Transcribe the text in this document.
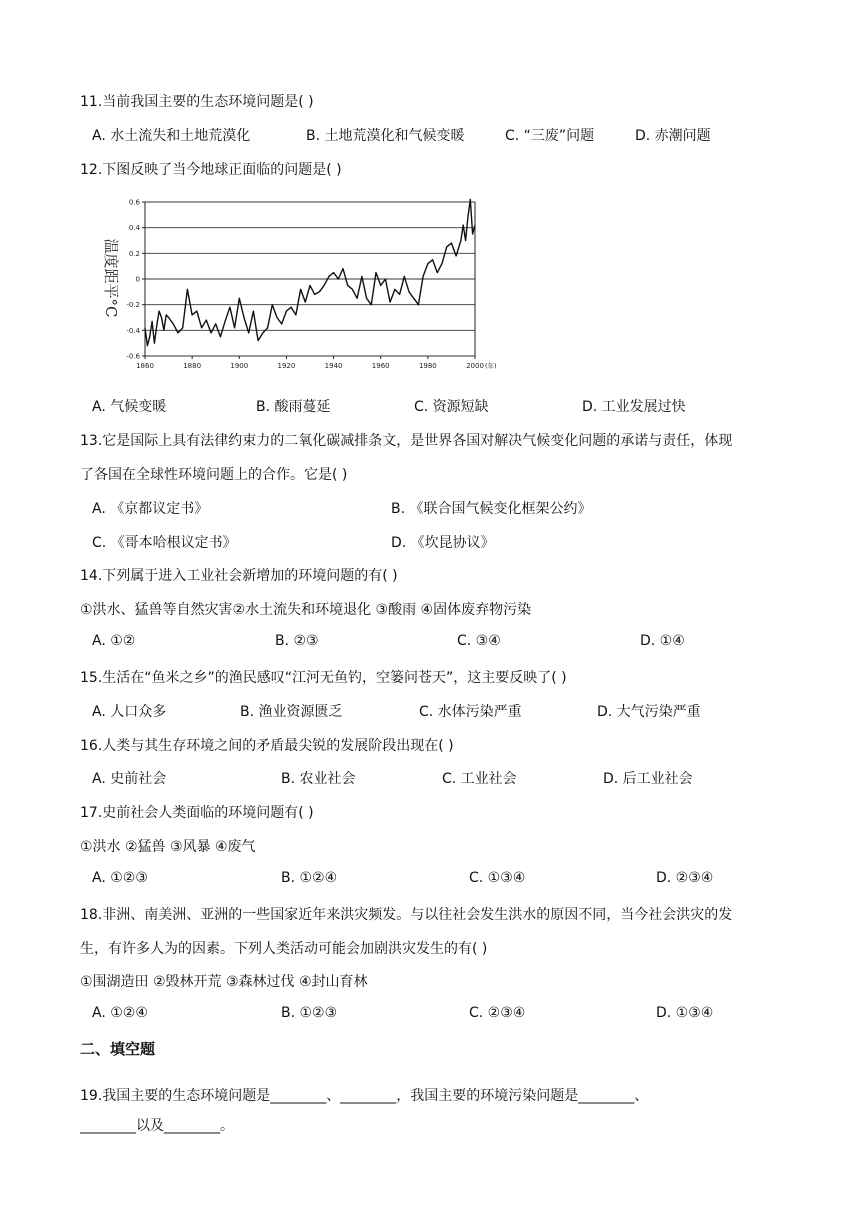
11.当前我国主要的生态环境问题是( )
A. 水土流失和土地荒漠化	B. 土地荒漠化和气候变暖	C. “三废”问题	D. 赤潮问题
12.下图反映了当今地球正面临的问题是( )
温度距平°C
0.6
0.4
0.2
0
-0.2
-0.4
-0.6
1860	1880	1900	1920	1940	1960	1980	2000 (年)
A. 气候变暖	B. 酸雨蔓延	C. 资源短缺	D. 工业发展过快
13.它是国际上具有法律约束力的二氧化碳减排条文，是世界各国对解决气候变化问题的承诺与责任，体现
了各国在全球性环境问题上的合作。它是( )
A. 《京都议定书》	B. 《联合国气候变化框架公约》
C. 《哥本哈根议定书》	D. 《坎昆协议》
14.下列属于进入工业社会新增加的环境问题的有( )
①洪水、猛兽等自然灾害②水土流失和环境退化 ③酸雨 ④固体废弃物污染
A. ①②	B. ②③	C. ③④	D. ①④
15.生活在“鱼米之乡”的渔民感叹“江河无鱼钓，空篓问苍天”，这主要反映了( )
A. 人口众多	B. 渔业资源匮乏	C. 水体污染严重	D. 大气污染严重
16.人类与其生存环境之间的矛盾最尖锐的发展阶段出现在( )
A. 史前社会	B. 农业社会	C. 工业社会	D. 后工业社会
17.史前社会人类面临的环境问题有( )
①洪水 ②猛兽 ③风暴 ④废气
A. ①②③	B. ①②④	C. ①③④	D. ②③④
18.非洲、南美洲、亚洲的一些国家近年来洪灾频发。与以往社会发生洪水的原因不同，当今社会洪灾的发
生，有许多人为的因素。下列人类活动可能会加剧洪灾发生的有( )
①围湖造田 ②毁林开荒 ③森林过伐 ④封山育林
A. ①②④	B. ①②③	C. ②③④	D. ①③④
二、填空题
19.我国主要的生态环境问题是________、________，我国主要的环境污染问题是________、
________以及________。
